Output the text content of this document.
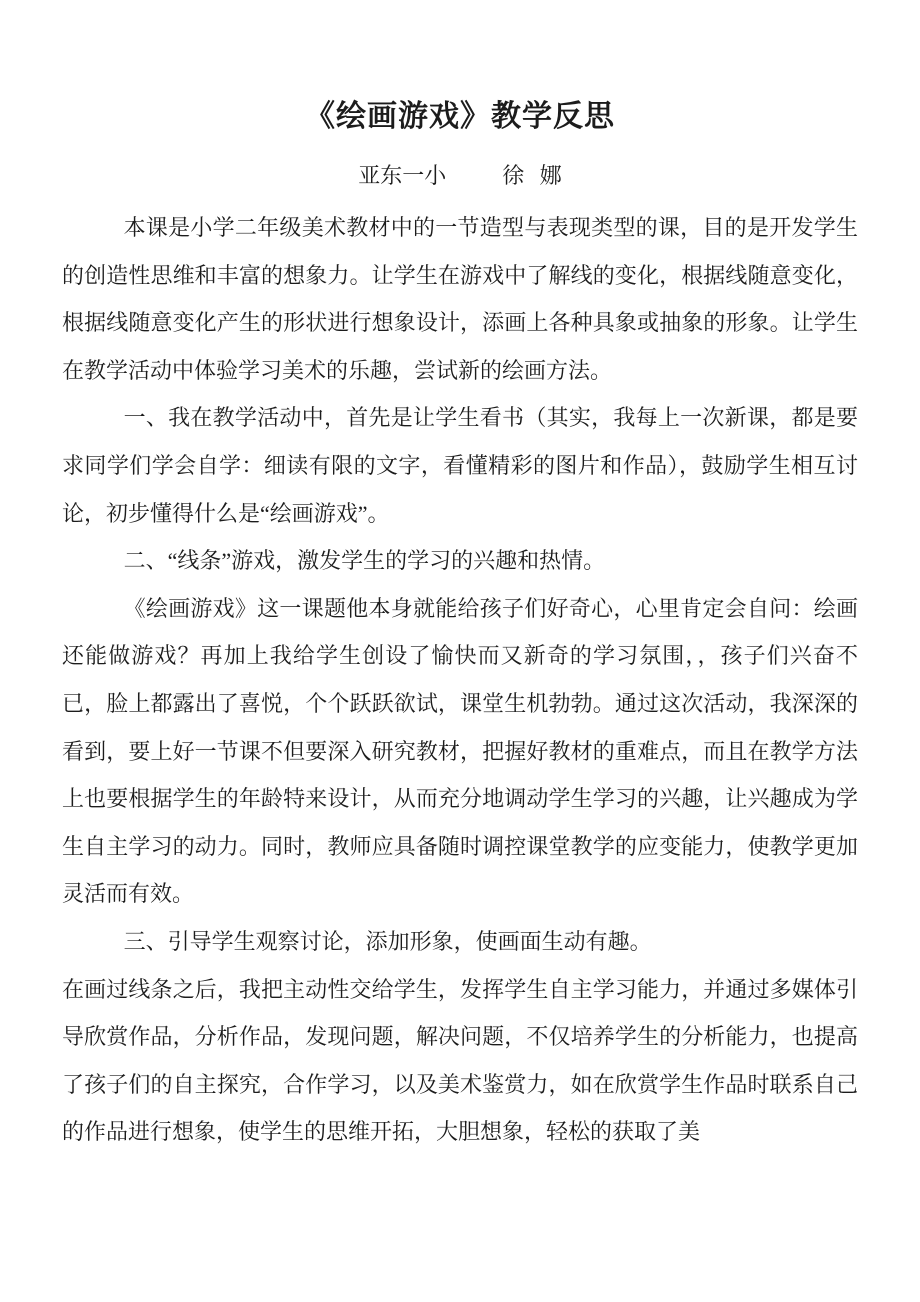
《绘画游戏》教学反思
亚东一小	徐 娜

本课是小学二年级美术教材中的一节造型与表现类型的课，目的是开发学生的创造性思维和丰富的想象力。让学生在游戏中了解线的变化，根据线随意变化，根据线随意变化产生的形状进行想象设计，添画上各种具象或抽象的形象。让学生在教学活动中体验学习美术的乐趣，尝试新的绘画方法。

一、我在教学活动中，首先是让学生看书（其实，我每上一次新课，都是要求同学们学会自学：细读有限的文字，看懂精彩的图片和作品），鼓励学生相互讨论，初步懂得什么是“绘画游戏”。

二、“线条”游戏，激发学生的学习的兴趣和热情。

《绘画游戏》这一课题他本身就能给孩子们好奇心，心里肯定会自问：绘画还能做游戏？再加上我给学生创设了愉快而又新奇的学习氛围，，孩子们兴奋不已，脸上都露出了喜悦，个个跃跃欲试，课堂生机勃勃。通过这次活动，我深深的看到，要上好一节课不但要深入研究教材，把握好教材的重难点，而且在教学方法上也要根据学生的年龄特来设计，从而充分地调动学生学习的兴趣，让兴趣成为学生自主学习的动力。同时，教师应具备随时调控课堂教学的应变能力，使教学更加灵活而有效。

三、引导学生观察讨论，添加形象，使画面生动有趣。

在画过线条之后，我把主动性交给学生，发挥学生自主学习能力，并通过多媒体引导欣赏作品，分析作品，发现问题，解决问题，不仅培养学生的分析能力，也提高了孩子们的自主探究，合作学习，以及美术鉴赏力，如在欣赏学生作品时联系自己的作品进行想象，使学生的思维开拓，大胆想象，轻松的获取了美
